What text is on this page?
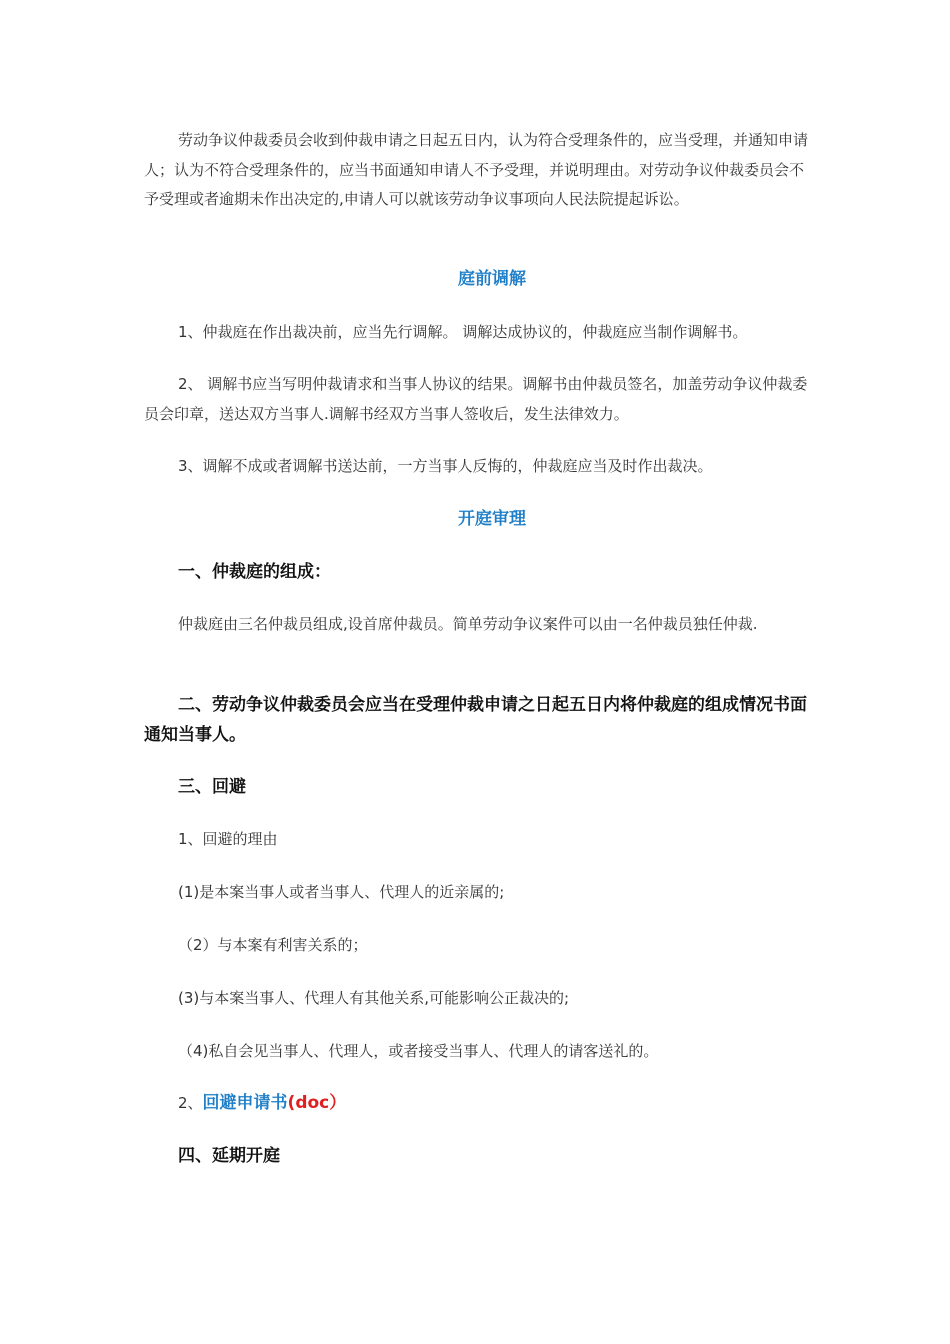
劳动争议仲裁委员会收到仲裁申请之日起五日内，认为符合受理条件的，应当受理，并通知申请人；认为不符合受理条件的，应当书面通知申请人不予受理，并说明理由。对劳动争议仲裁委员会不予受理或者逾期未作出决定的,申请人可以就该劳动争议事项向人民法院提起诉讼。

庭前调解

1、仲裁庭在作出裁决前，应当先行调解。 调解达成协议的，仲裁庭应当制作调解书。

2、 调解书应当写明仲裁请求和当事人协议的结果。调解书由仲裁员签名，加盖劳动争议仲裁委员会印章，送达双方当事人.调解书经双方当事人签收后，发生法律效力。

3、调解不成或者调解书送达前，一方当事人反悔的，仲裁庭应当及时作出裁决。

开庭审理
一、仲裁庭的组成：

仲裁庭由三名仲裁员组成,设首席仲裁员。简单劳动争议案件可以由一名仲裁员独任仲裁.

二、劳动争议仲裁委员会应当在受理仲裁申请之日起五日内将仲裁庭的组成情况书面通知当事人。

三、回避

1、回避的理由

(1)是本案当事人或者当事人、代理人的近亲属的;

（2）与本案有利害关系的；

(3)与本案当事人、代理人有其他关系,可能影响公正裁决的;

（4)私自会见当事人、代理人，或者接受当事人、代理人的请客送礼的。

2、回避申请书(doc）

四、延期开庭
